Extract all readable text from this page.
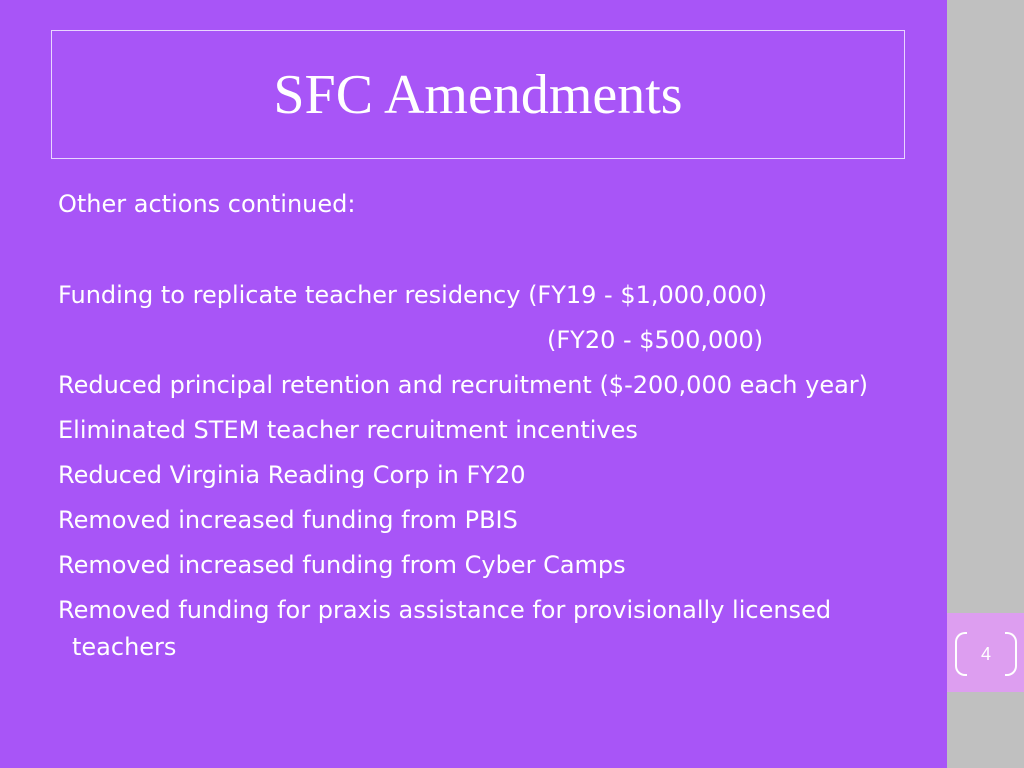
SFC Amendments
Other actions continued:
Funding to replicate teacher residency (FY19 - $1,000,000)
(FY20 - $500,000)
Reduced principal retention and recruitment ($-200,000 each year)
Eliminated STEM teacher recruitment incentives
Reduced Virginia Reading Corp in FY20
Removed increased funding from PBIS
Removed increased funding from Cyber Camps
Removed funding for praxis assistance for provisionally licensed
teachers	4
